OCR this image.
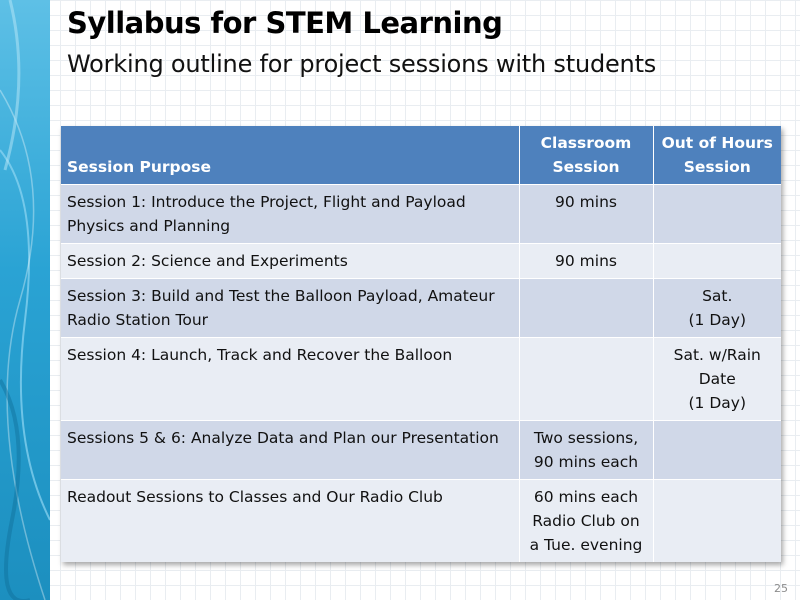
Syllabus for STEM Learning
Working outline for project sessions with students
Session Purpose	Classroom Session	Out of Hours Session
Session 1: Introduce the Project, Flight and Payload Physics and Planning	90 mins	
Session 2: Science and Experiments	90 mins	
Session 3: Build and Test the Balloon Payload, Amateur Radio Station Tour		Sat.
(1 Day)
Session 4: Launch, Track and Recover the Balloon		Sat. w/Rain Date
(1 Day)
Sessions 5 & 6: Analyze Data and Plan our Presentation	Two sessions, 90 mins each	
Readout Sessions to Classes and Our Radio Club	60 mins each Radio Club on a Tue. evening	
25
